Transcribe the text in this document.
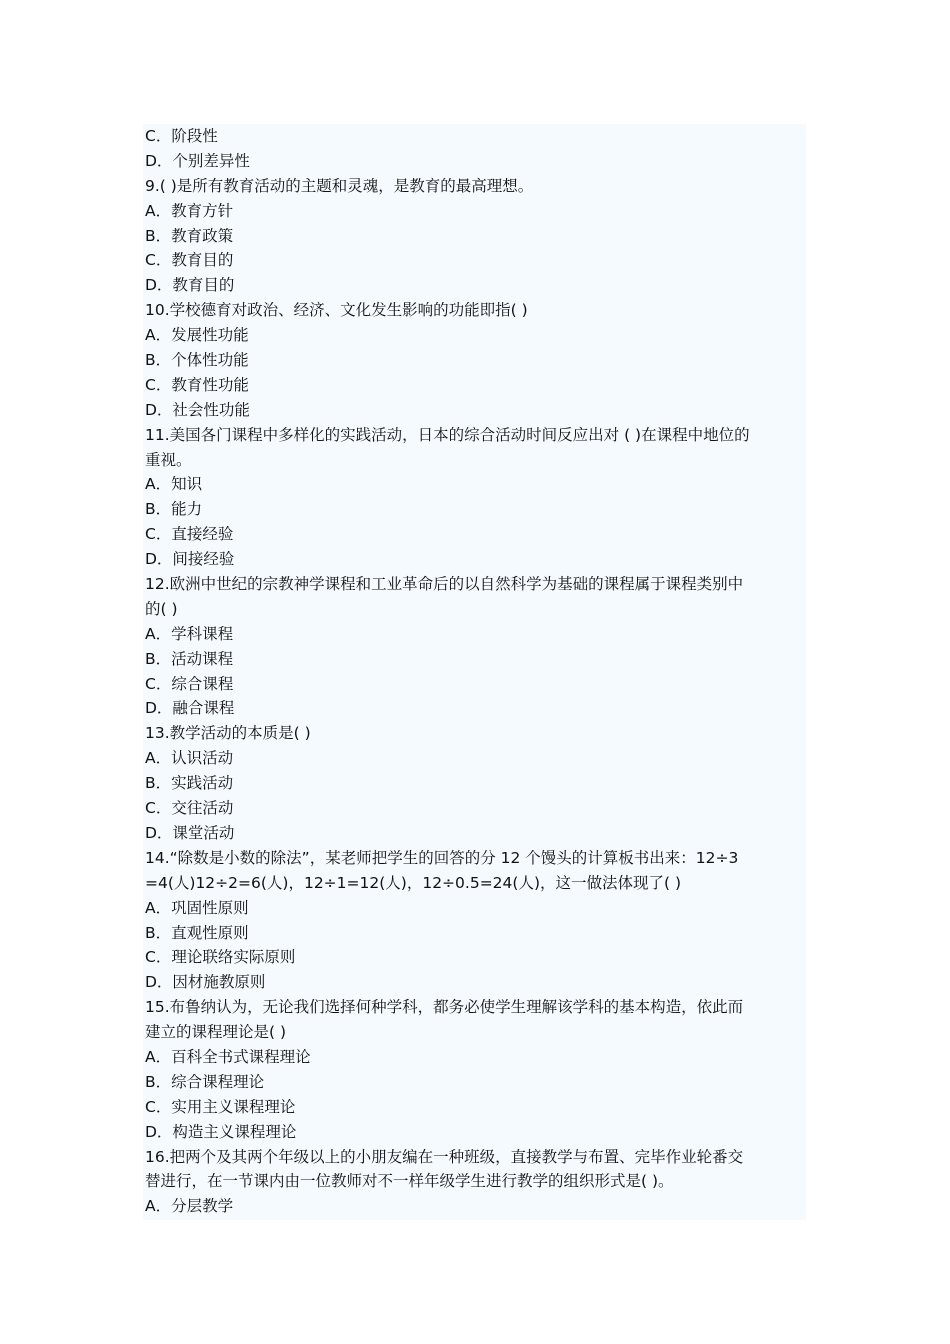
C．阶段性
D．个别差异性
9.( )是所有教育活动的主题和灵魂，是教育的最高理想。
A．教育方针
B．教育政策
C．教育目的
D．教育目的
10.学校德育对政治、经济、文化发生影响的功能即指( )
A．发展性功能
B．个体性功能
C．教育性功能
D．社会性功能
11.美国各门课程中多样化的实践活动，日本的综合活动时间反应出对 ( )在课程中地位的
重视。
A．知识
B．能力
C．直接经验
D．间接经验
12.欧洲中世纪的宗教神学课程和工业革命后的以自然科学为基础的课程属于课程类别中
的( )
A．学科课程
B．活动课程
C．综合课程
D．融合课程
13.教学活动的本质是( )
A．认识活动
B．实践活动
C．交往活动
D．课堂活动
14.“除数是小数的除法”，某老师把学生的回答的分 12 个馒头的计算板书出来：12÷3
=4(人)12÷2=6(人)，12÷1=12(人)，12÷0.5=24(人)，这一做法体现了( )
A．巩固性原则
B．直观性原则
C．理论联络实际原则
D．因材施教原则
15.布鲁纳认为，无论我们选择何种学科，都务必使学生理解该学科的基本构造，依此而
建立的课程理论是( )
A．百科全书式课程理论
B．综合课程理论
C．实用主义课程理论
D．构造主义课程理论
16.把两个及其两个年级以上的小朋友编在一种班级，直接教学与布置、完毕作业轮番交
替进行，在一节课内由一位教师对不一样年级学生进行教学的组织形式是( )。
A．分层教学
